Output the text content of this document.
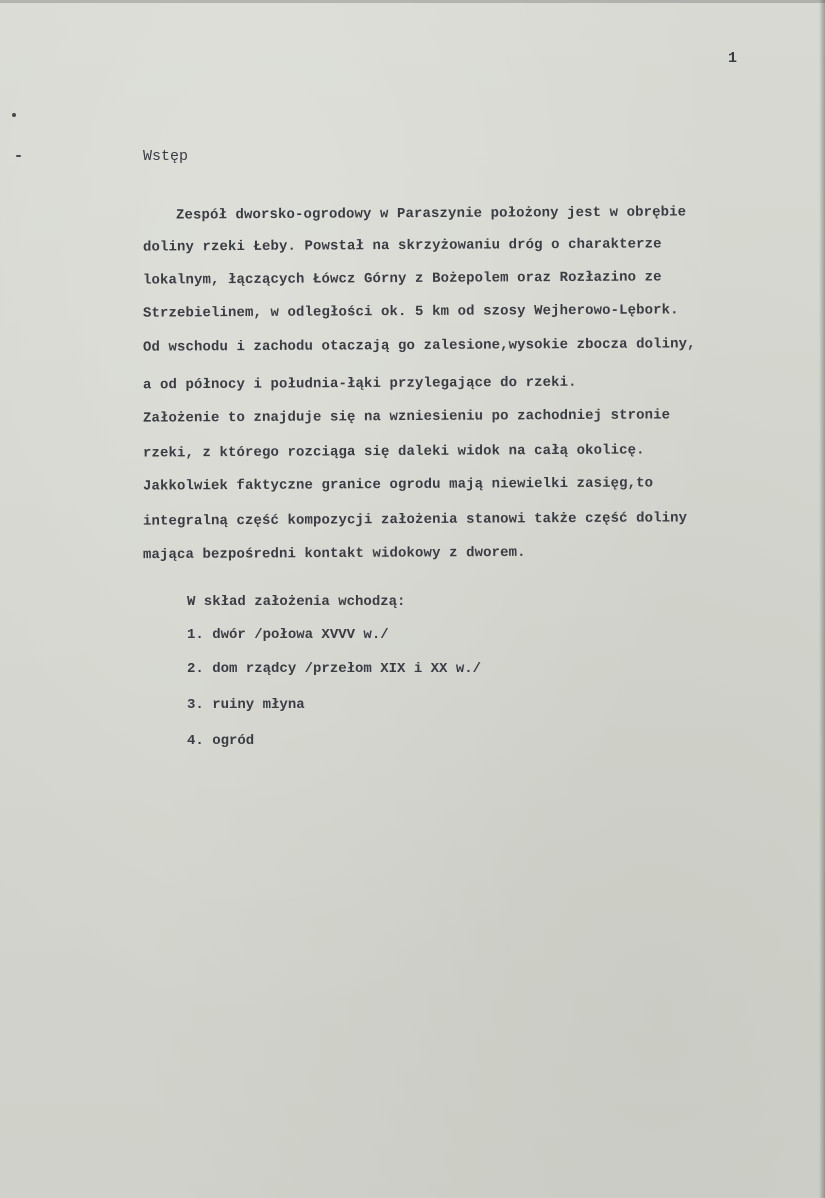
1
Wstęp
Zespół dworsko-ogrodowy w Paraszynie położony jest w obrębie
doliny rzeki Łeby. Powstał na skrzyżowaniu dróg o charakterze
lokalnym, łączących Łówcz Górny z Bożepolem oraz Rozłazino ze
Strzebielinem, w odległości ok. 5 km od szosy Wejherowo-Lębork.
Od wschodu i zachodu otaczają go zalesione,wysokie zbocza doliny,
a od północy i południa-łąki przylegające do rzeki.
Założenie to znajduje się na wzniesieniu po zachodniej stronie
rzeki, z którego rozciąga się daleki widok na całą okolicę.
Jakkolwiek faktyczne granice ogrodu mają niewielki zasięg,to
integralną część kompozycji założenia stanowi także część doliny
mająca bezpośredni kontakt widokowy z dworem.
W skład założenia wchodzą:
1. dwór /połowa XVVV w./
2. dom rządcy /przełom XIX i XX w./
3. ruiny młyna
4. ogród
